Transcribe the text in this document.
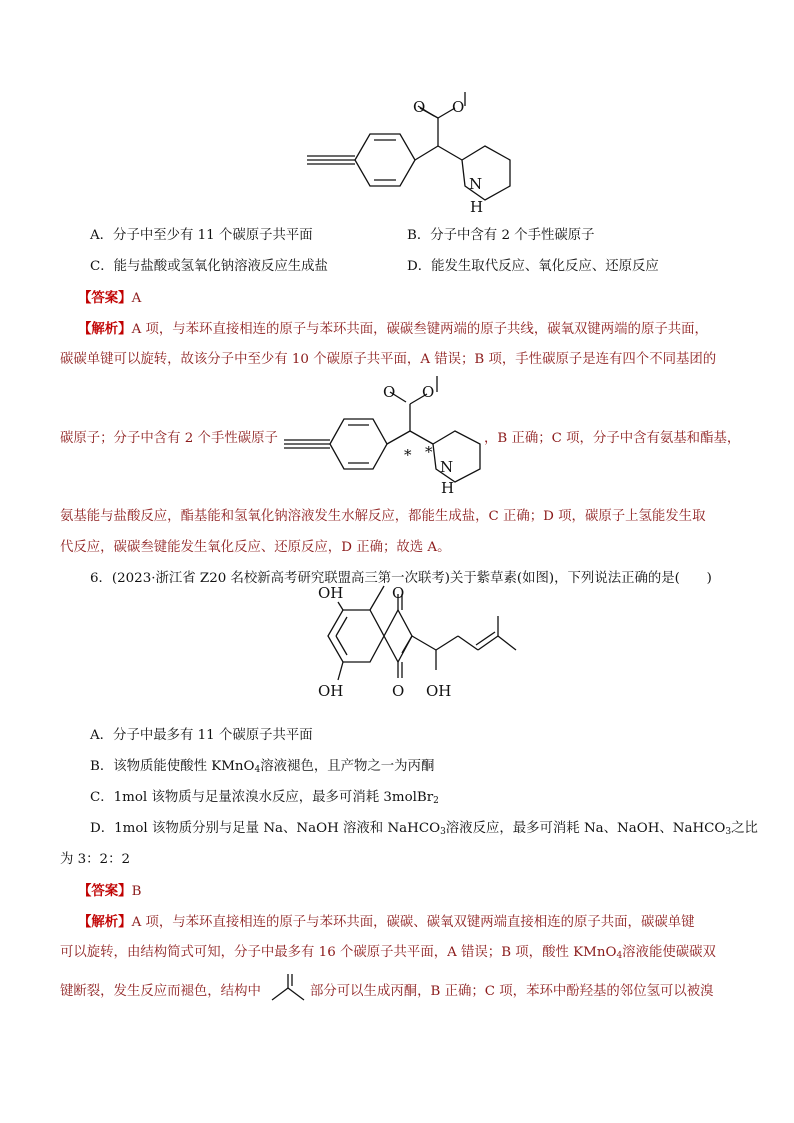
O O
N
H
A．分子中至少有 11 个碳原子共平面	B．分子中含有 2 个手性碳原子
C．能与盐酸或氢氧化钠溶液反应生成盐	D．能发生取代反应、氧化反应、还原反应
【答案】A
【解析】A 项，与苯环直接相连的原子与苯环共面，碳碳叁键两端的原子共线，碳氧双键两端的原子共面，
碳碳单键可以旋转，故该分子中至少有 10 个碳原子共平面，A 错误；B 项，手性碳原子是连有四个不同基团的
碳原子；分子中含有 2 个手性碳原子
O O
* *
N
H
，B 正确；C 项，分子中含有氨基和酯基，
氨基能与盐酸反应，酯基能和氢氧化钠溶液发生水解反应，都能生成盐，C 正确；D 项，碳原子上氢能发生取
代反应，碳碳叁键能发生氧化反应、还原反应，D 正确；故选 A。
6．(2023·浙江省 Z20 名校新高考研究联盟高三第一次联考)关于紫草素(如图)，下列说法正确的是(　　)
OH	O
OH	O OH
A．分子中最多有 11 个碳原子共平面
B．该物质能使酸性 KMnO$_4$溶液褪色，且产物之一为丙酮
C．1mol 该物质与足量浓溴水反应，最多可消耗 3molBr$_2$
D．1mol 该物质分别与足量 Na、NaOH 溶液和 NaHCO$_3$溶液反应，最多可消耗 Na、NaOH、NaHCO$_3$之比
为 3：2：2
【答案】B
【解析】A 项，与苯环直接相连的原子与苯环共面，碳碳、碳氧双键两端直接相连的原子共面，碳碳单键
可以旋转，由结构简式可知，分子中最多有 16 个碳原子共平面，A 错误；B 项，酸性 KMnO$_4$溶液能使碳碳双
键断裂，发生反应而褪色，结构中	部分可以生成丙酮，B 正确；C 项，苯环中酚羟基的邻位氢可以被溴
